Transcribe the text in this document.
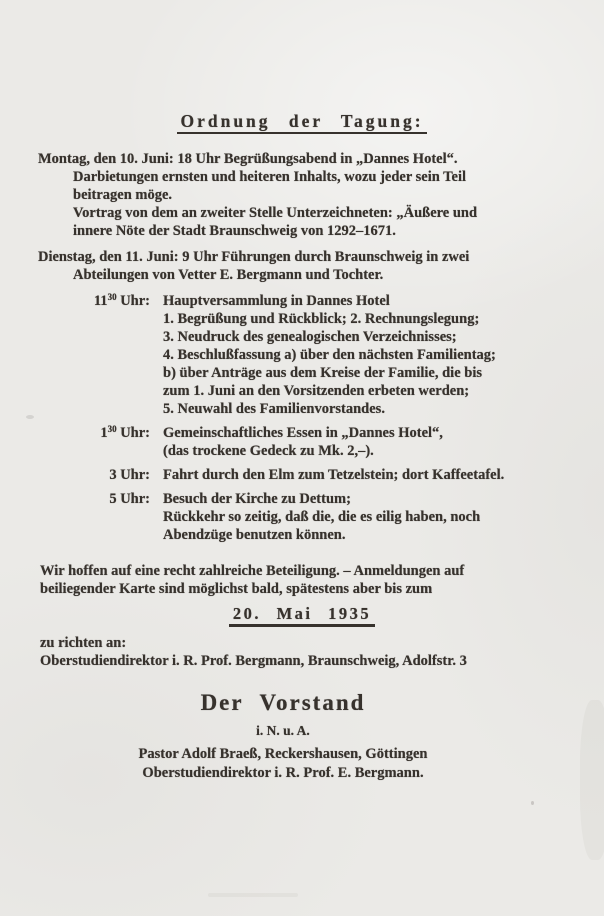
Ordnung der Tagung:
Montag, den 10. Juni: 18 Uhr Begrüßungsabend in „Dannes Hotel“.
Darbietungen ernsten und heiteren Inhalts, wozu jeder sein Teil
beitragen möge.
Vortrag von dem an zweiter Stelle Unterzeichneten: „Äußere und
innere Nöte der Stadt Braunschweig von 1292–1671.
Dienstag, den 11. Juni: 9 Uhr Führungen durch Braunschweig in zwei
Abteilungen von Vetter E. Bergmann und Tochter.
$11^{30}$ Uhr: Hauptversammlung in Dannes Hotel
1. Begrüßung und Rückblick; 2. Rechnungslegung;
3. Neudruck des genealogischen Verzeichnisses;
4. Beschlußfassung a) über den nächsten Familientag;
b) über Anträge aus dem Kreise der Familie, die bis
zum 1. Juni an den Vorsitzenden erbeten werden;
5. Neuwahl des Familienvorstandes.
$1^{30}$ Uhr: Gemeinschaftliches Essen in „Dannes Hotel“,
(das trockene Gedeck zu Mk. 2,–).
3 Uhr: Fahrt durch den Elm zum Tetzelstein; dort Kaffeetafel.
5 Uhr: Besuch der Kirche zu Dettum;
Rückkehr so zeitig, daß die, die es eilig haben, noch
Abendzüge benutzen können.
Wir hoffen auf eine recht zahlreiche Beteiligung. – Anmeldungen auf
beiliegender Karte sind möglichst bald, spätestens aber bis zum
20. Mai 1935
zu richten an:
Oberstudiendirektor i. R. Prof. Bergmann, Braunschweig, Adolfstr. 3
Der Vorstand
i. N. u. A.
Pastor Adolf Braeß, Reckershausen, Göttingen
Oberstudiendirektor i. R. Prof. E. Bergmann.
